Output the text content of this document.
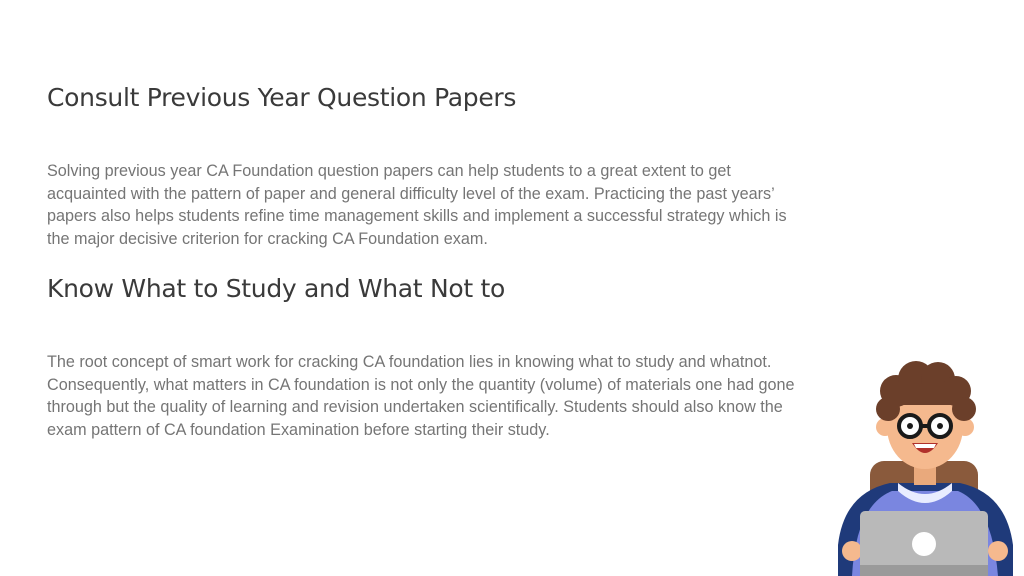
Consult Previous Year Question Papers

Solving previous year CA Foundation question papers can help students to a great extent to get acquainted with the pattern of paper and general difficulty level of the exam. Practicing the past years’ papers also helps students refine time management skills and implement a successful strategy which is the major decisive criterion for cracking CA Foundation exam.

Know What to Study and What Not to

The root concept of smart work for cracking CA foundation lies in knowing what to study and whatnot. Consequently, what matters in CA foundation is not only the quantity (volume) of materials one had gone through but the quality of learning and revision undertaken scientifically. Students should also know the exam pattern of CA foundation Examination before starting their study.
